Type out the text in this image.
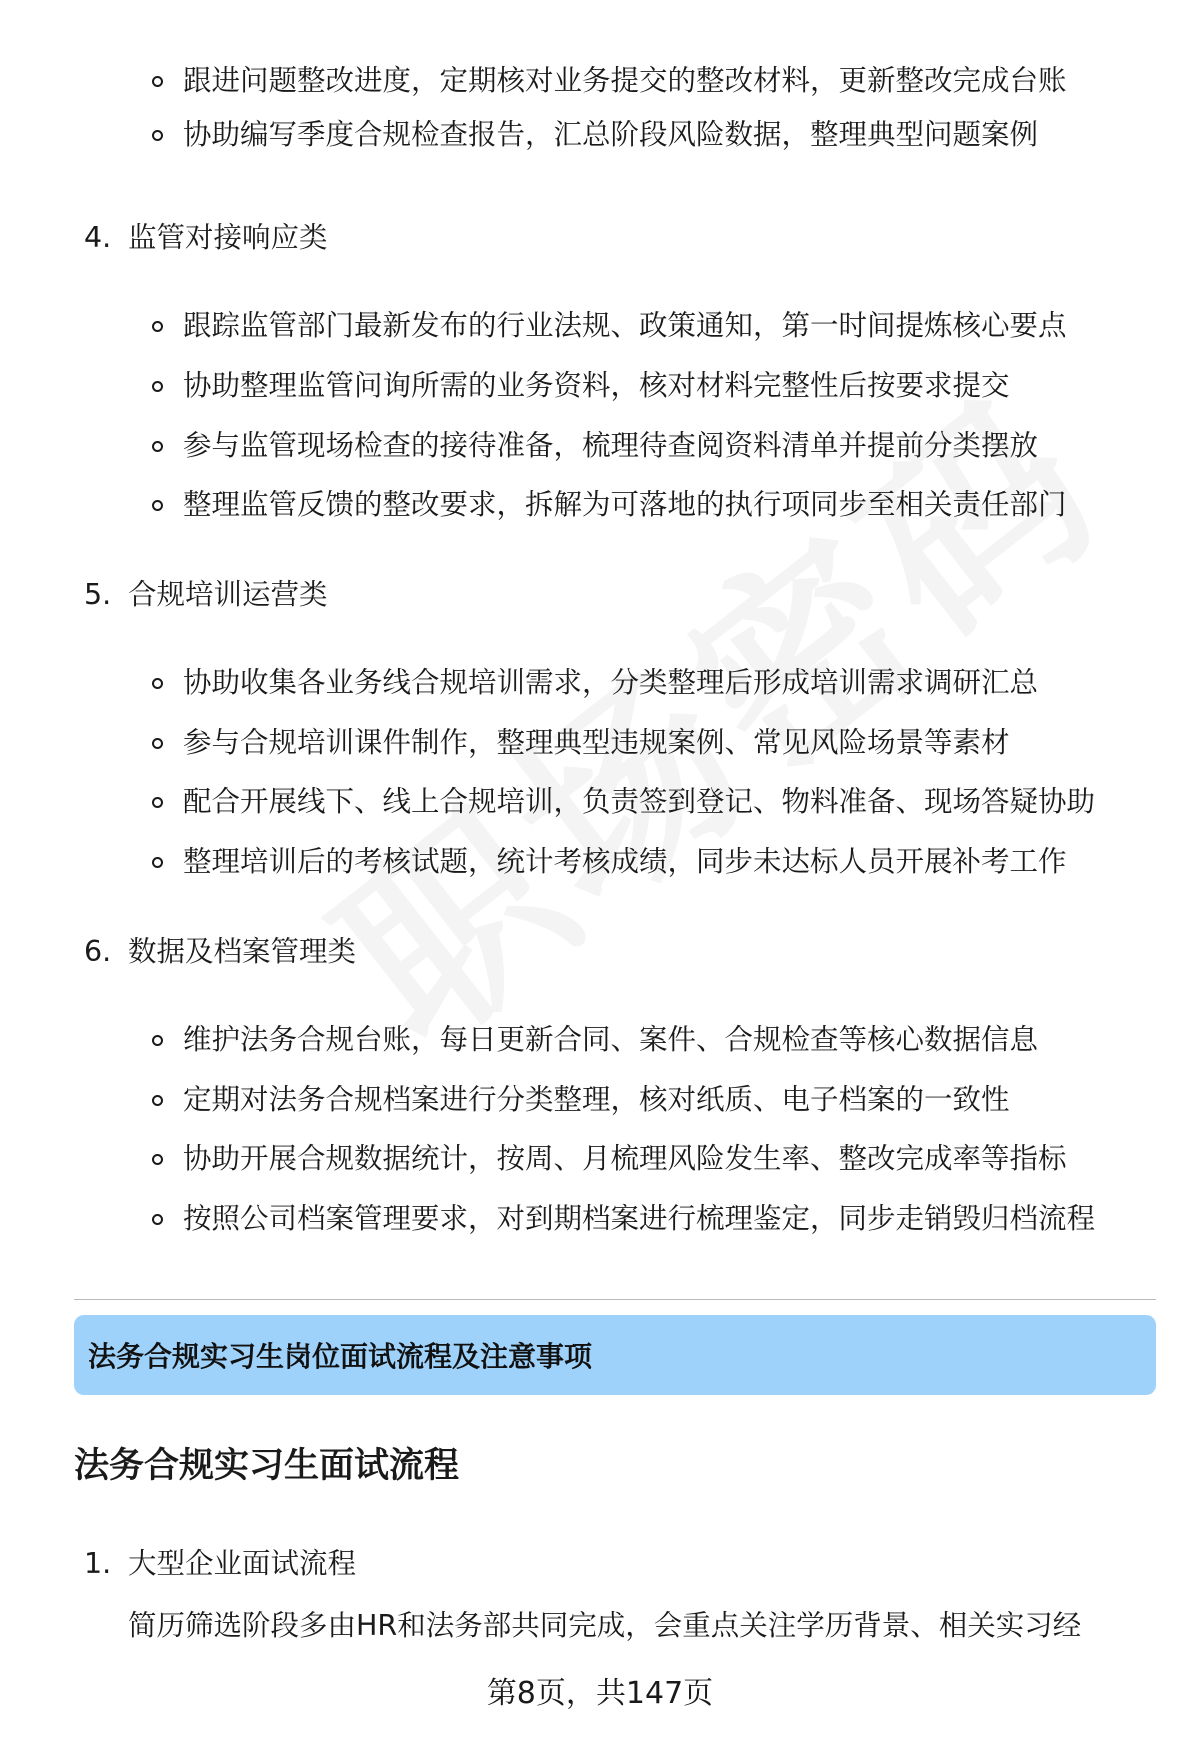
跟进问题整改进度，定期核对业务提交的整改材料，更新整改完成台账
协助编写季度合规检查报告，汇总阶段风险数据，整理典型问题案例
4. 监管对接响应类
跟踪监管部门最新发布的行业法规、政策通知，第一时间提炼核心要点
协助整理监管问询所需的业务资料，核对材料完整性后按要求提交
参与监管现场检查的接待准备，梳理待查阅资料清单并提前分类摆放
整理监管反馈的整改要求，拆解为可落地的执行项同步至相关责任部门
5. 合规培训运营类
协助收集各业务线合规培训需求，分类整理后形成培训需求调研汇总
参与合规培训课件制作，整理典型违规案例、常见风险场景等素材
配合开展线下、线上合规培训，负责签到登记、物料准备、现场答疑协助
整理培训后的考核试题，统计考核成绩，同步未达标人员开展补考工作
6. 数据及档案管理类
维护法务合规台账，每日更新合同、案件、合规检查等核心数据信息
定期对法务合规档案进行分类整理，核对纸质、电子档案的一致性
协助开展合规数据统计，按周、月梳理风险发生率、整改完成率等指标
按照公司档案管理要求，对到期档案进行梳理鉴定，同步走销毁归档流程
法务合规实习生岗位面试流程及注意事项
法务合规实习生面试流程
1. 大型企业面试流程
简历筛选阶段多由HR和法务部共同完成，会重点关注学历背景、相关实习经
第8页，共147页
